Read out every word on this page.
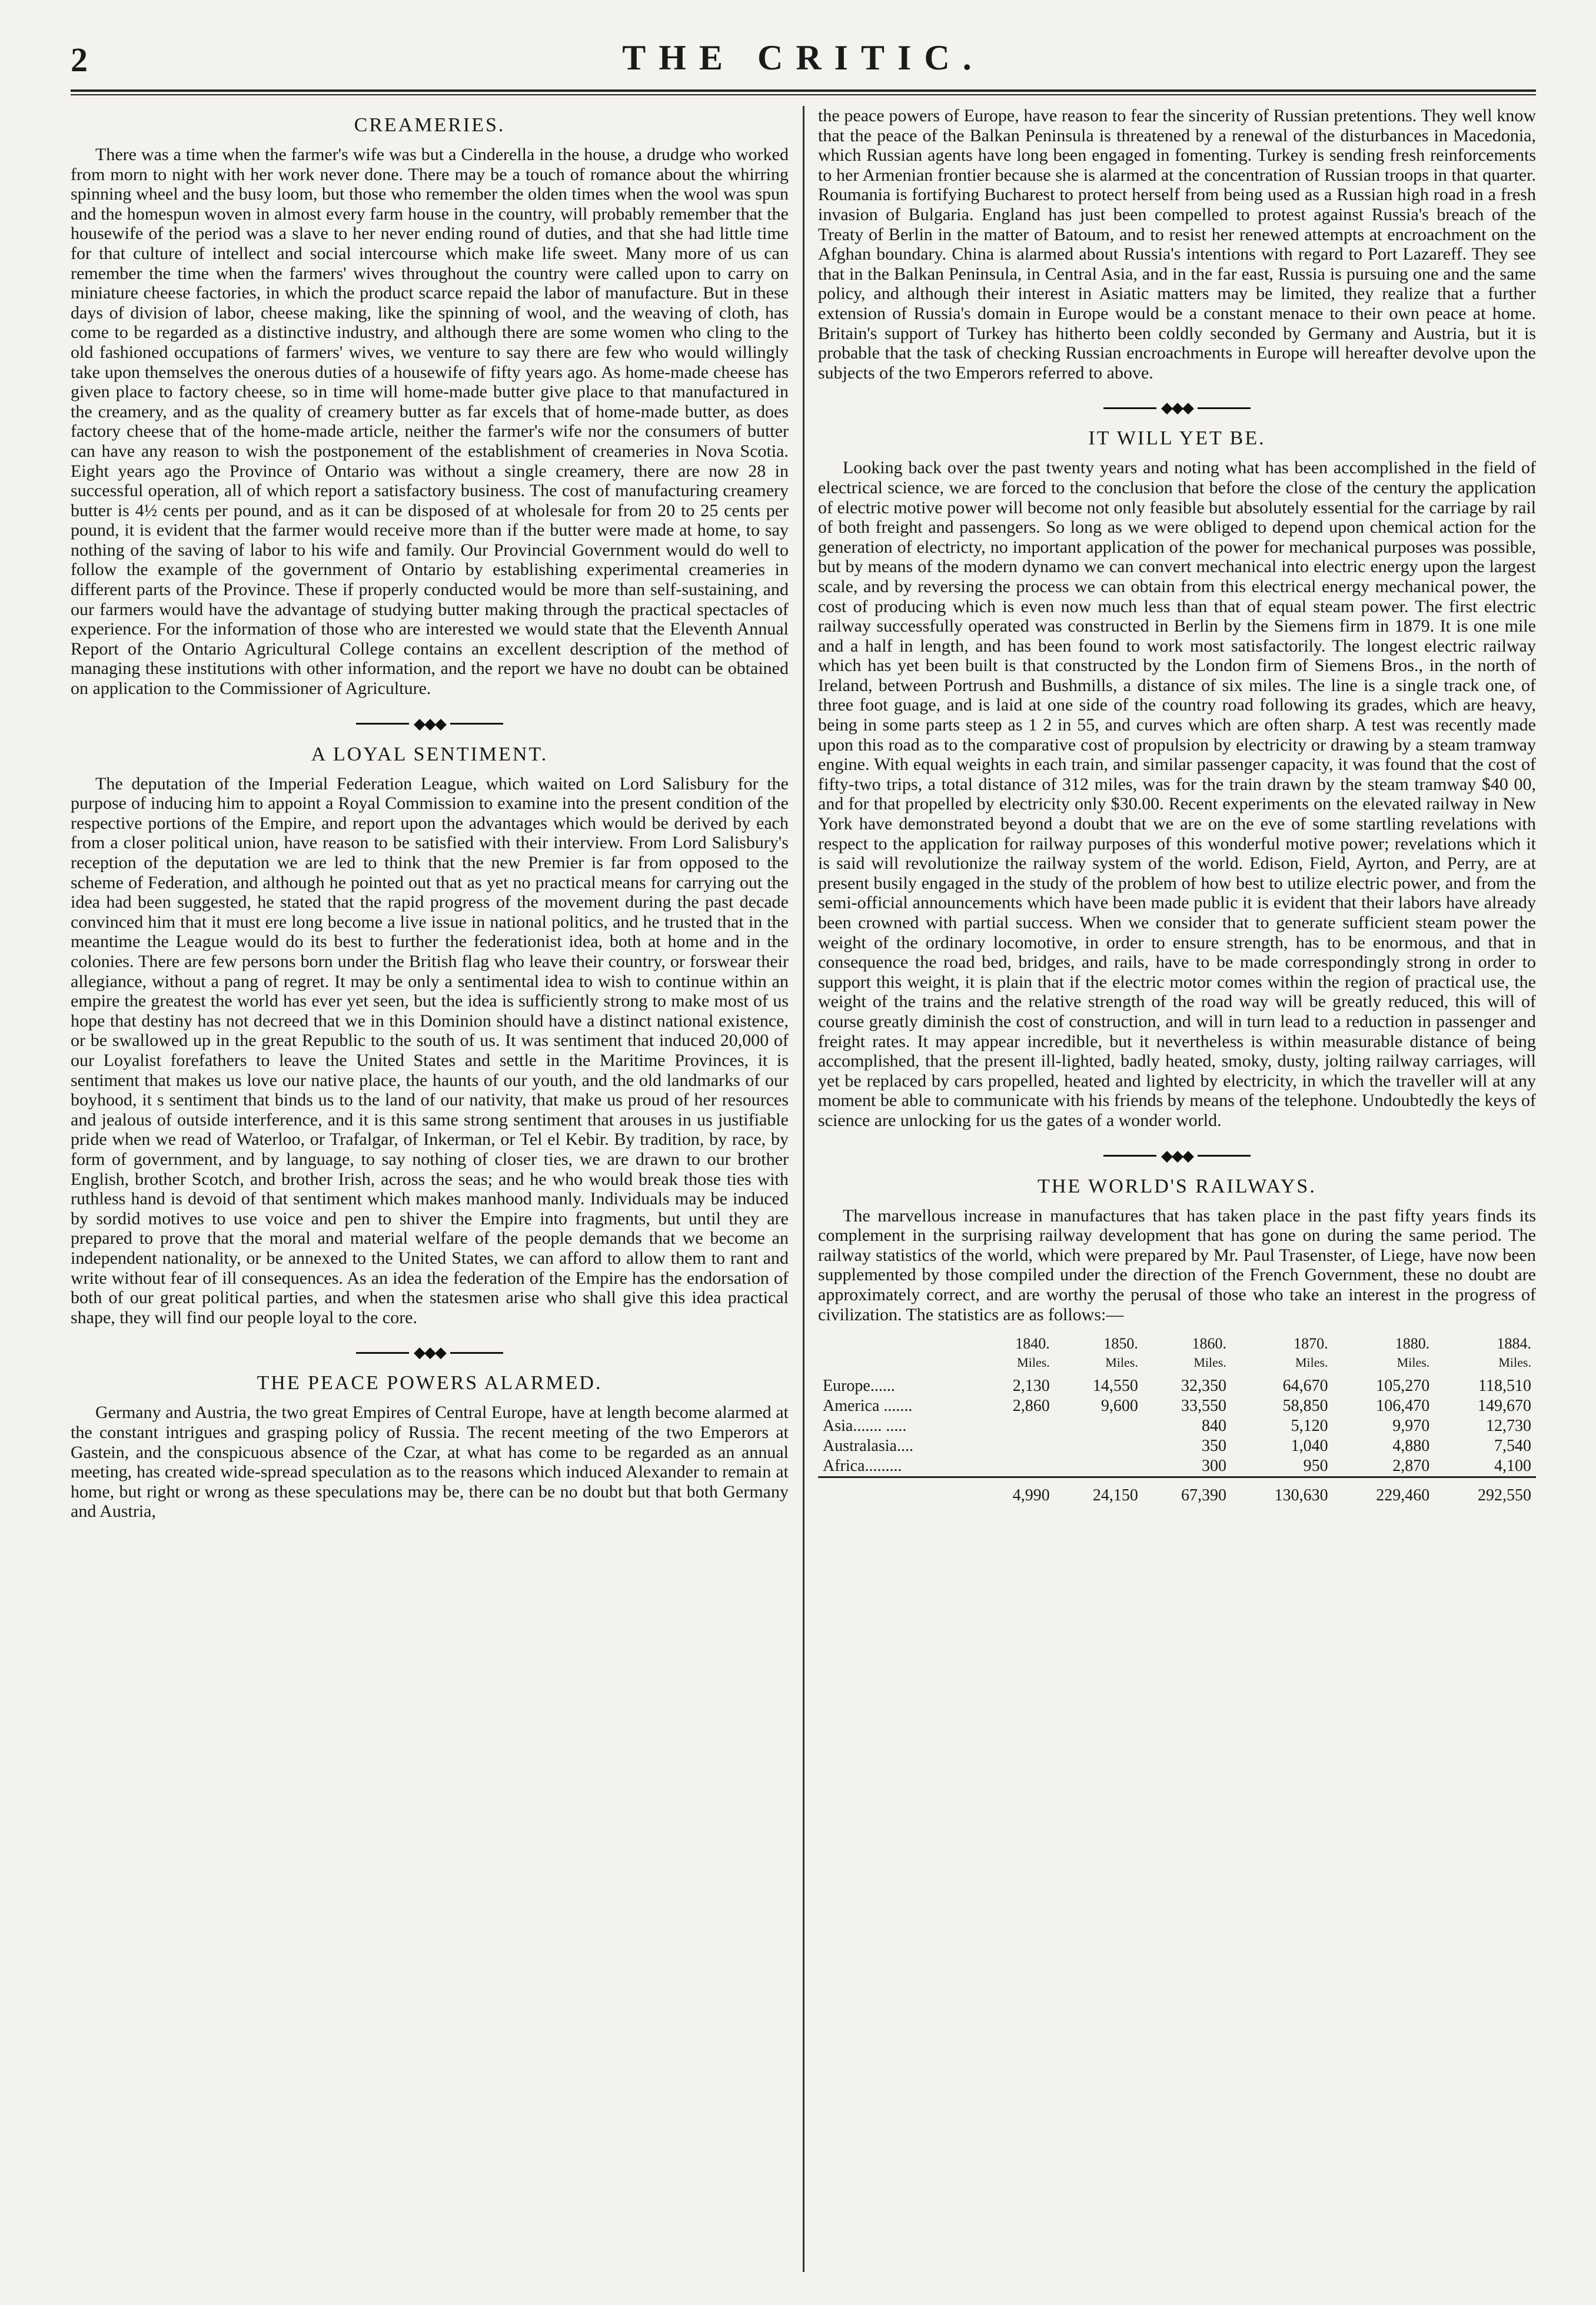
2	THE CRITIC.
CREAMERIES.

There was a time when the farmer's wife was but a Cinderella in the house, a drudge who worked from morn to night with her work never done. There may be a touch of romance about the whirring spinning wheel and the busy loom, but those who remember the olden times when the wool was spun and the homespun woven in almost every farm house in the country, will probably remember that the housewife of the period was a slave to her never ending round of duties, and that she had little time for that culture of intellect and social intercourse which make life sweet. Many more of us can remember the time when the farmers' wives throughout the country were called upon to carry on miniature cheese factories, in which the product scarce repaid the labor of manufacture. But in these days of division of labor, cheese making, like the spinning of wool, and the weaving of cloth, has come to be regarded as a distinctive industry, and although there are some women who cling to the old fashioned occupations of farmers' wives, we venture to say there are few who would willingly take upon themselves the onerous duties of a housewife of fifty years ago. As home-made cheese has given place to factory cheese, so in time will home-made butter give place to that manufactured in the creamery, and as the quality of creamery butter as far excels that of home-made butter, as does factory cheese that of the home-made article, neither the farmer's wife nor the consumers of butter can have any reason to wish the postponement of the establishment of creameries in Nova Scotia. Eight years ago the Province of Ontario was without a single creamery, there are now 28 in successful operation, all of which report a satisfactory business. The cost of manufacturing creamery butter is 4½ cents per pound, and as it can be disposed of at wholesale for from 20 to 25 cents per pound, it is evident that the farmer would receive more than if the butter were made at home, to say nothing of the saving of labor to his wife and family. Our Provincial Government would do well to follow the example of the government of Ontario by establishing experimental creameries in different parts of the Province. These if properly conducted would be more than self-sustaining, and our farmers would have the advantage of studying butter making through the practical spectacles of experience. For the information of those who are interested we would state that the Eleventh Annual Report of the Ontario Agricultural College contains an excellent description of the method of managing these institutions with other information, and the report we have no doubt can be obtained on application to the Commissioner of Agriculture.

◆◆◆
A LOYAL SENTIMENT.

The deputation of the Imperial Federation League, which waited on Lord Salisbury for the purpose of inducing him to appoint a Royal Commission to examine into the present condition of the respective portions of the Empire, and report upon the advantages which would be derived by each from a closer political union, have reason to be satisfied with their interview. From Lord Salisbury's reception of the deputation we are led to think that the new Premier is far from opposed to the scheme of Federation, and although he pointed out that as yet no practical means for carrying out the idea had been suggested, he stated that the rapid progress of the movement during the past decade convinced him that it must ere long become a live issue in national politics, and he trusted that in the meantime the League would do its best to further the federationist idea, both at home and in the colonies. There are few persons born under the British flag who leave their country, or forswear their allegiance, without a pang of regret. It may be only a sentimental idea to wish to continue within an empire the greatest the world has ever yet seen, but the idea is sufficiently strong to make most of us hope that destiny has not decreed that we in this Dominion should have a distinct national existence, or be swallowed up in the great Republic to the south of us. It was sentiment that induced 20,000 of our Loyalist forefathers to leave the United States and settle in the Maritime Provinces, it is sentiment that makes us love our native place, the haunts of our youth, and the old landmarks of our boyhood, it s sentiment that binds us to the land of our nativity, that make us proud of her resources and jealous of outside interference, and it is this same strong sentiment that arouses in us justifiable pride when we read of Waterloo, or Trafalgar, of Inkerman, or Tel el Kebir. By tradition, by race, by form of government, and by language, to say nothing of closer ties, we are drawn to our brother English, brother Scotch, and brother Irish, across the seas; and he who would break those ties with ruthless hand is devoid of that sentiment which makes manhood manly. Individuals may be induced by sordid motives to use voice and pen to shiver the Empire into fragments, but until they are prepared to prove that the moral and material welfare of the people demands that we become an independent nationality, or be annexed to the United States, we can afford to allow them to rant and write without fear of ill consequences. As an idea the federation of the Empire has the endorsation of both of our great political parties, and when the statesmen arise who shall give this idea practical shape, they will find our people loyal to the core.

◆◆◆
THE PEACE POWERS ALARMED.

Germany and Austria, the two great Empires of Central Europe, have at length become alarmed at the constant intrigues and grasping policy of Russia. The recent meeting of the two Emperors at Gastein, and the conspicuous absence of the Czar, at what has come to be regarded as an annual meeting, has created wide-spread speculation as to the reasons which induced Alexander to remain at home, but right or wrong as these speculations may be, there can be no doubt but that both Germany and Austria,

the peace powers of Europe, have reason to fear the sincerity of Russian pretentions. They well know that the peace of the Balkan Peninsula is threatened by a renewal of the disturbances in Macedonia, which Russian agents have long been engaged in fomenting. Turkey is sending fresh reinforcements to her Armenian frontier because she is alarmed at the concentration of Russian troops in that quarter. Roumania is fortifying Bucharest to protect herself from being used as a Russian high road in a fresh invasion of Bulgaria. England has just been compelled to protest against Russia's breach of the Treaty of Berlin in the matter of Batoum, and to resist her renewed attempts at encroachment on the Afghan boundary. China is alarmed about Russia's intentions with regard to Port Lazareff. They see that in the Balkan Peninsula, in Central Asia, and in the far east, Russia is pursuing one and the same policy, and although their interest in Asiatic matters may be limited, they realize that a further extension of Russia's domain in Europe would be a constant menace to their own peace at home. Britain's support of Turkey has hitherto been coldly seconded by Germany and Austria, but it is probable that the task of checking Russian encroachments in Europe will hereafter devolve upon the subjects of the two Emperors referred to above.

◆◆◆
IT WILL YET BE.

Looking back over the past twenty years and noting what has been accomplished in the field of electrical science, we are forced to the conclusion that before the close of the century the application of electric motive power will become not only feasible but absolutely essential for the carriage by rail of both freight and passengers. So long as we were obliged to depend upon chemical action for the generation of electricty, no important application of the power for mechanical purposes was possible, but by means of the modern dynamo we can convert mechanical into electric energy upon the largest scale, and by reversing the process we can obtain from this electrical energy mechanical power, the cost of producing which is even now much less than that of equal steam power. The first electric railway successfully operated was constructed in Berlin by the Siemens firm in 1879. It is one mile and a half in length, and has been found to work most satisfactorily. The longest electric railway which has yet been built is that constructed by the London firm of Siemens Bros., in the north of Ireland, between Portrush and Bushmills, a distance of six miles. The line is a single track one, of three foot guage, and is laid at one side of the country road following its grades, which are heavy, being in some parts steep as 1 2 in 55, and curves which are often sharp. A test was recently made upon this road as to the comparative cost of propulsion by electricity or drawing by a steam tramway engine. With equal weights in each train, and similar passenger capacity, it was found that the cost of fifty-two trips, a total distance of 312 miles, was for the train drawn by the steam tramway $40 00, and for that propelled by electricity only $30.00. Recent experiments on the elevated railway in New York have demonstrated beyond a doubt that we are on the eve of some startling revelations with respect to the application for railway purposes of this wonderful motive power; revelations which it is said will revolutionize the railway system of the world. Edison, Field, Ayrton, and Perry, are at present busily engaged in the study of the problem of how best to utilize electric power, and from the semi-official announcements which have been made public it is evident that their labors have already been crowned with partial success. When we consider that to generate sufficient steam power the weight of the ordinary locomotive, in order to ensure strength, has to be enormous, and that in consequence the road bed, bridges, and rails, have to be made correspondingly strong in order to support this weight, it is plain that if the electric motor comes within the region of practical use, the weight of the trains and the relative strength of the road way will be greatly reduced, this will of course greatly diminish the cost of construction, and will in turn lead to a reduction in passenger and freight rates. It may appear incredible, but it nevertheless is within measurable distance of being accomplished, that the present ill-lighted, badly heated, smoky, dusty, jolting railway carriages, will yet be replaced by cars propelled, heated and lighted by electricity, in which the traveller will at any moment be able to communicate with his friends by means of the telephone. Undoubtedly the keys of science are unlocking for us the gates of a wonder world.

◆◆◆
THE WORLD'S RAILWAYS.

The marvellous increase in manufactures that has taken place in the past fifty years finds its complement in the surprising railway development that has gone on during the same period. The railway statistics of the world, which were prepared by Mr. Paul Trasenster, of Liege, have now been supplemented by those compiled under the direction of the French Government, these no doubt are approximately correct, and are worthy the perusal of those who take an interest in the progress of civilization. The statistics are as follows:—

	1840.	1850.	1860.	1870.	1880.	1884.
	Miles.	Miles.	Miles.	Miles.	Miles.	Miles.
Europe......	2,130	14,550	32,350	64,670	105,270	118,510
America .......	2,860	9,600	33,550	58,850	106,470	149,670
Asia....... .....			840	5,120	9,970	12,730
Australasia....			350	1,040	4,880	7,540
Africa.........			300	950	2,870	4,100
	4,990	24,150	67,390	130,630	229,460	292,550
